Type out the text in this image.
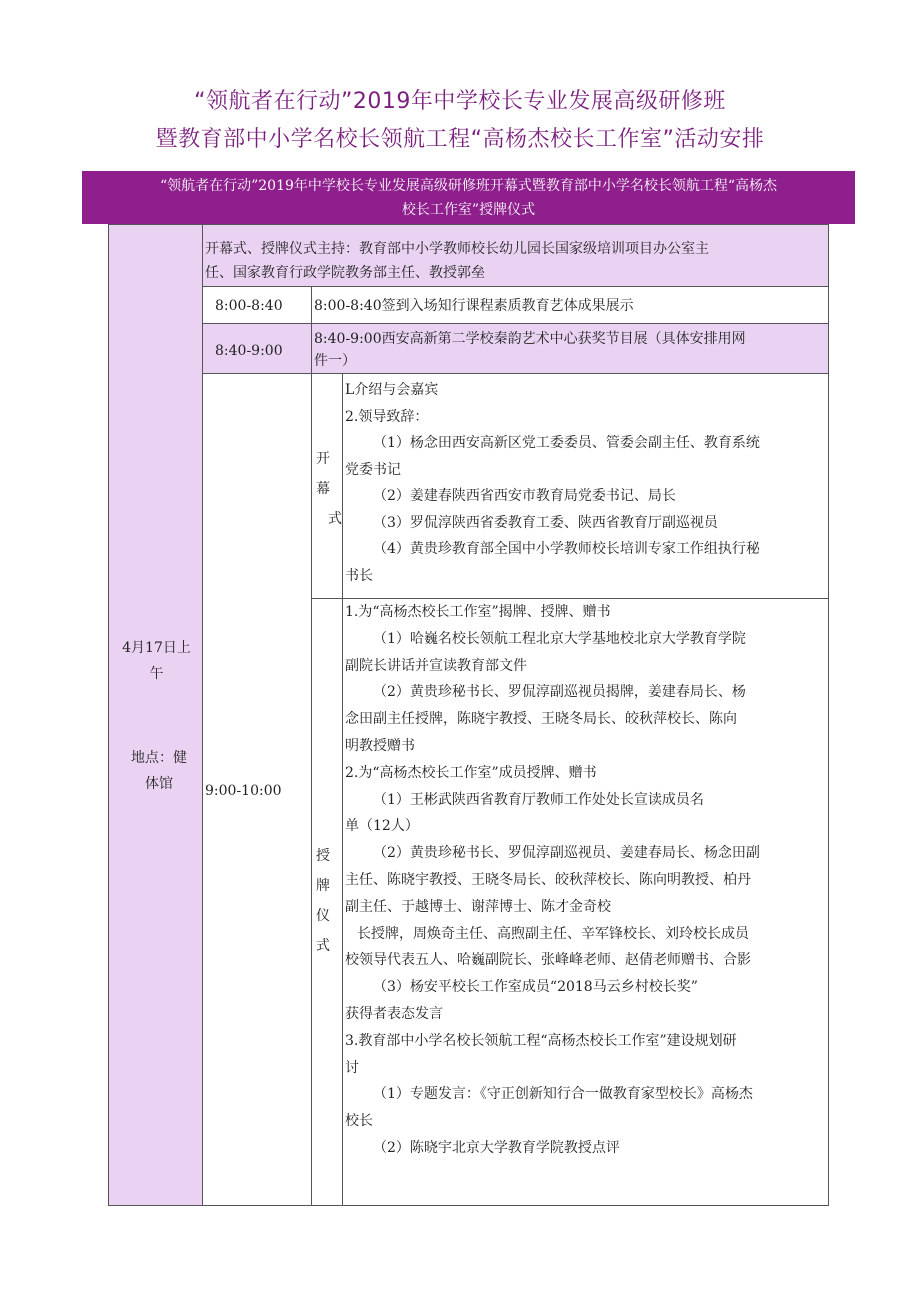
“领航者在行动”2019年中学校长专业发展高级研修班
暨教育部中小学名校长领航工程“高杨杰校长工作室”活动安排
“领航者在行动”2019年中学校长专业发展高级研修班开幕式暨教育部中小学名校长领航工程“高杨杰
校长工作室”授牌仪式
4月17日上
午
地点：健
体馆
开幕式、授牌仪式主持：教育部中小学教师校长幼儿园长国家级培训项目办公室主
任、国家教育行政学院教务部主任、教授郭垒
8:00-8:40	8:00-8:40签到入场知行课程素质教育艺体成果展示
8:40-9:00
8:40-9:00西安高新第二学校秦韵艺术中心获奖节目展（具体安排用网
件一）
9:00-10:00
开
幕
式
L介绍与会嘉宾
2.领导致辞：
（1）杨念田西安高新区党工委委员、管委会副主任、教育系统
党委书记
（2）姜建春陕西省西安市教育局党委书记、局长
（3）罗侃淳陕西省委教育工委、陕西省教育厅副巡视员
（4）黄贵珍教育部全国中小学教师校长培训专家工作组执行秘
书长
授
牌
仪
式
1.为“高杨杰校长工作室”揭牌、授牌、赠书
（1）哈巍名校长领航工程北京大学基地校北京大学教育学院
副院长讲话并宣读教育部文件
（2）黄贵珍秘书长、罗侃淳副巡视员揭牌，姜建春局长、杨
念田副主任授牌，陈晓宇教授、王晓冬局长、皎秋萍校长、陈向
明教授赠书
2.为“高杨杰校长工作室”成员授牌、赠书
（1）王彬武陕西省教育厅教师工作处处长宣读成员名
单（12人）
（2）黄贵珍秘书长、罗侃淳副巡视员、姜建春局长、杨念田副
主任、陈晓宇教授、王晓冬局长、皎秋萍校长、陈向明教授、柏丹
副主任、于越博士、谢萍博士、陈才金奇校
长授牌，周焕奇主任、高煦副主任、辛军锋校长、刘玲校长成员
校领导代表五人、哈巍副院长、张峰峰老师、赵倩老师赠书、合影
（3）杨安平校长工作室成员“2018马云乡村校长奖”
获得者表态发言
3.教育部中小学名校长领航工程“高杨杰校长工作室”建设规划研
讨
（1）专题发言：《守正创新知行合一做教育家型校长》高杨杰
校长
（2）陈晓宇北京大学教育学院教授点评
